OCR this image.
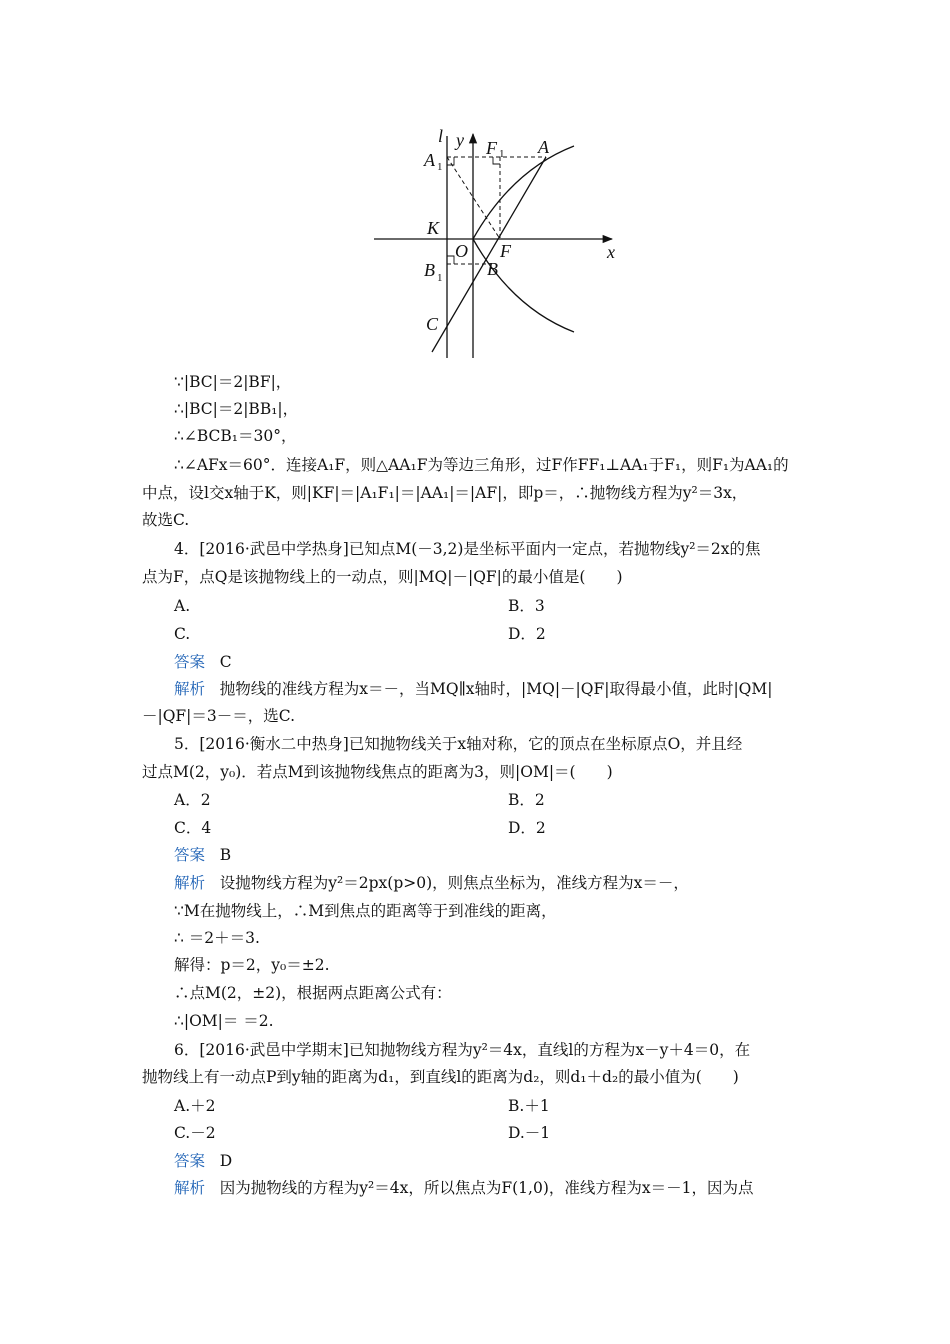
l y
x
A 1
F 1 A
K
O F
B 1 B
C
∵|BC|＝2|BF|，
∴|BC|＝2|BB₁|，
∴∠BCB₁＝30°，
∴∠AFx＝60°．连接A₁F，则△AA₁F为等边三角形，过F作FF₁⊥AA₁于F₁，则F₁为AA₁的
中点，设l交x轴于K，则|KF|＝|A₁F₁|＝|AA₁|＝|AF|，即p＝，∴抛物线方程为y²＝3x，
故选C.
4．[2016·武邑中学热身]已知点M(－3,2)是坐标平面内一定点，若抛物线y²＝2x的焦
点为F，点Q是该抛物线上的一动点，则|MQ|－|QF|的最小值是(　　)
A.	B．3
C.	D．2
答案 C
解析 抛物线的准线方程为x＝－，当MQ∥x轴时，|MQ|－|QF|取得最小值，此时|QM|
－|QF|＝3－＝，选C.
5．[2016·衡水二中热身]已知抛物线关于x轴对称，它的顶点在坐标原点O，并且经
过点M(2，y₀)．若点M到该抛物线焦点的距离为3，则|OM|＝(　　)
A．2	B．2
C．4	D．2
答案 B
解析 设抛物线方程为y²＝2px(p>0)，则焦点坐标为，准线方程为x＝－，
∵M在抛物线上，∴M到焦点的距离等于到准线的距离，
∴ ＝2＋＝3.
解得：p＝2，y₀＝±2.
∴点M(2，±2)，根据两点距离公式有：
∴|OM|＝ ＝2.
6．[2016·武邑中学期末]已知抛物线方程为y²＝4x，直线l的方程为x－y＋4＝0，在
抛物线上有一动点P到y轴的距离为d₁，到直线l的距离为d₂，则d₁＋d₂的最小值为(　　)
A.＋2	B.＋1
C.－2	D.－1
答案 D
解析 因为抛物线的方程为y²＝4x，所以焦点为F(1,0)，准线方程为x＝－1，因为点
